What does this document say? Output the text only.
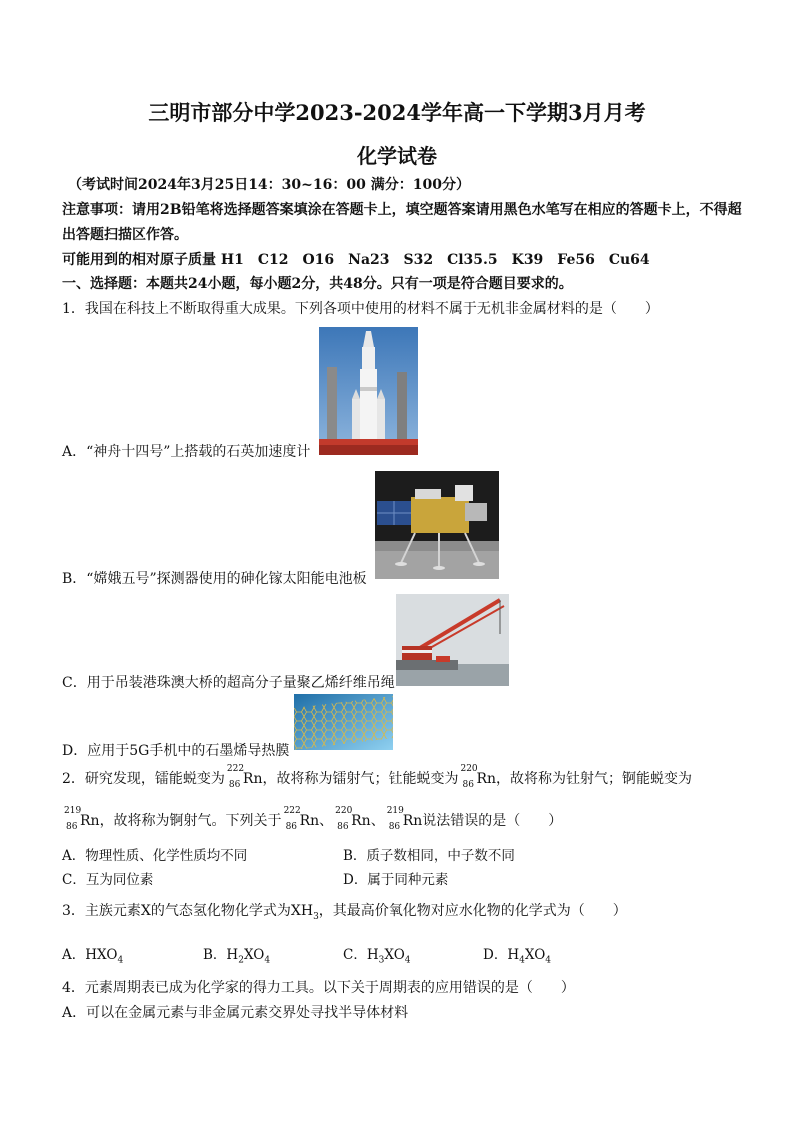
三明市部分中学2023-2024学年高一下学期3月月考
化学试卷
（考试时间2024年3月25日14：30~16：00 满分：100分）
注意事项：请用2B铅笔将选择题答案填涂在答题卡上，填空题答案请用黑色水笔写在相应的答题卡上，不得超出答题扫描区作答。
可能用到的相对原子质量 H1　C12　O16　Na23　S32　Cl35.5　K39　Fe56　Cu64
一、选择题：本题共24小题，每小题2分，共48分。只有一项是符合题目要求的。
1．我国在科技上不断取得重大成果。下列各项中使用的材料不属于无机非金属材料的是（　　）
A．“神舟十四号”上搭载的石英加速度计
B．“嫦娥五号”探测器使用的砷化镓太阳能电池板
C．用于吊装港珠澳大桥的超高分子量聚乙烯纤维吊绳
D．应用于5G手机中的石墨烯导热膜
2．研究发现，镭能蜕变为
222
86 Rn，故将称为镭射气；钍能蜕变为
220
86 Rn，故将称为钍射气；锕能蜕变为
219
86 Rn，故将称为锕射气。下列关于
222
86 Rn、
220
86 Rn、
219
86 Rn说法错误的是（　　）
A．物理性质、化学性质均不同	B．质子数相同，中子数不同
C．互为同位素	D．属于同种元素
3．主族元素X的气态氢化物化学式为$XH_3$，其最高价氧化物对应水化物的化学式为（　　）
A．$HXO_4$	B．$H_2XO_4$	C．$H_3XO_4$	D．$H_4XO_4$
4．元素周期表已成为化学家的得力工具。以下关于周期表的应用错误的是（　　）
A．可以在金属元素与非金属元素交界处寻找半导体材料
